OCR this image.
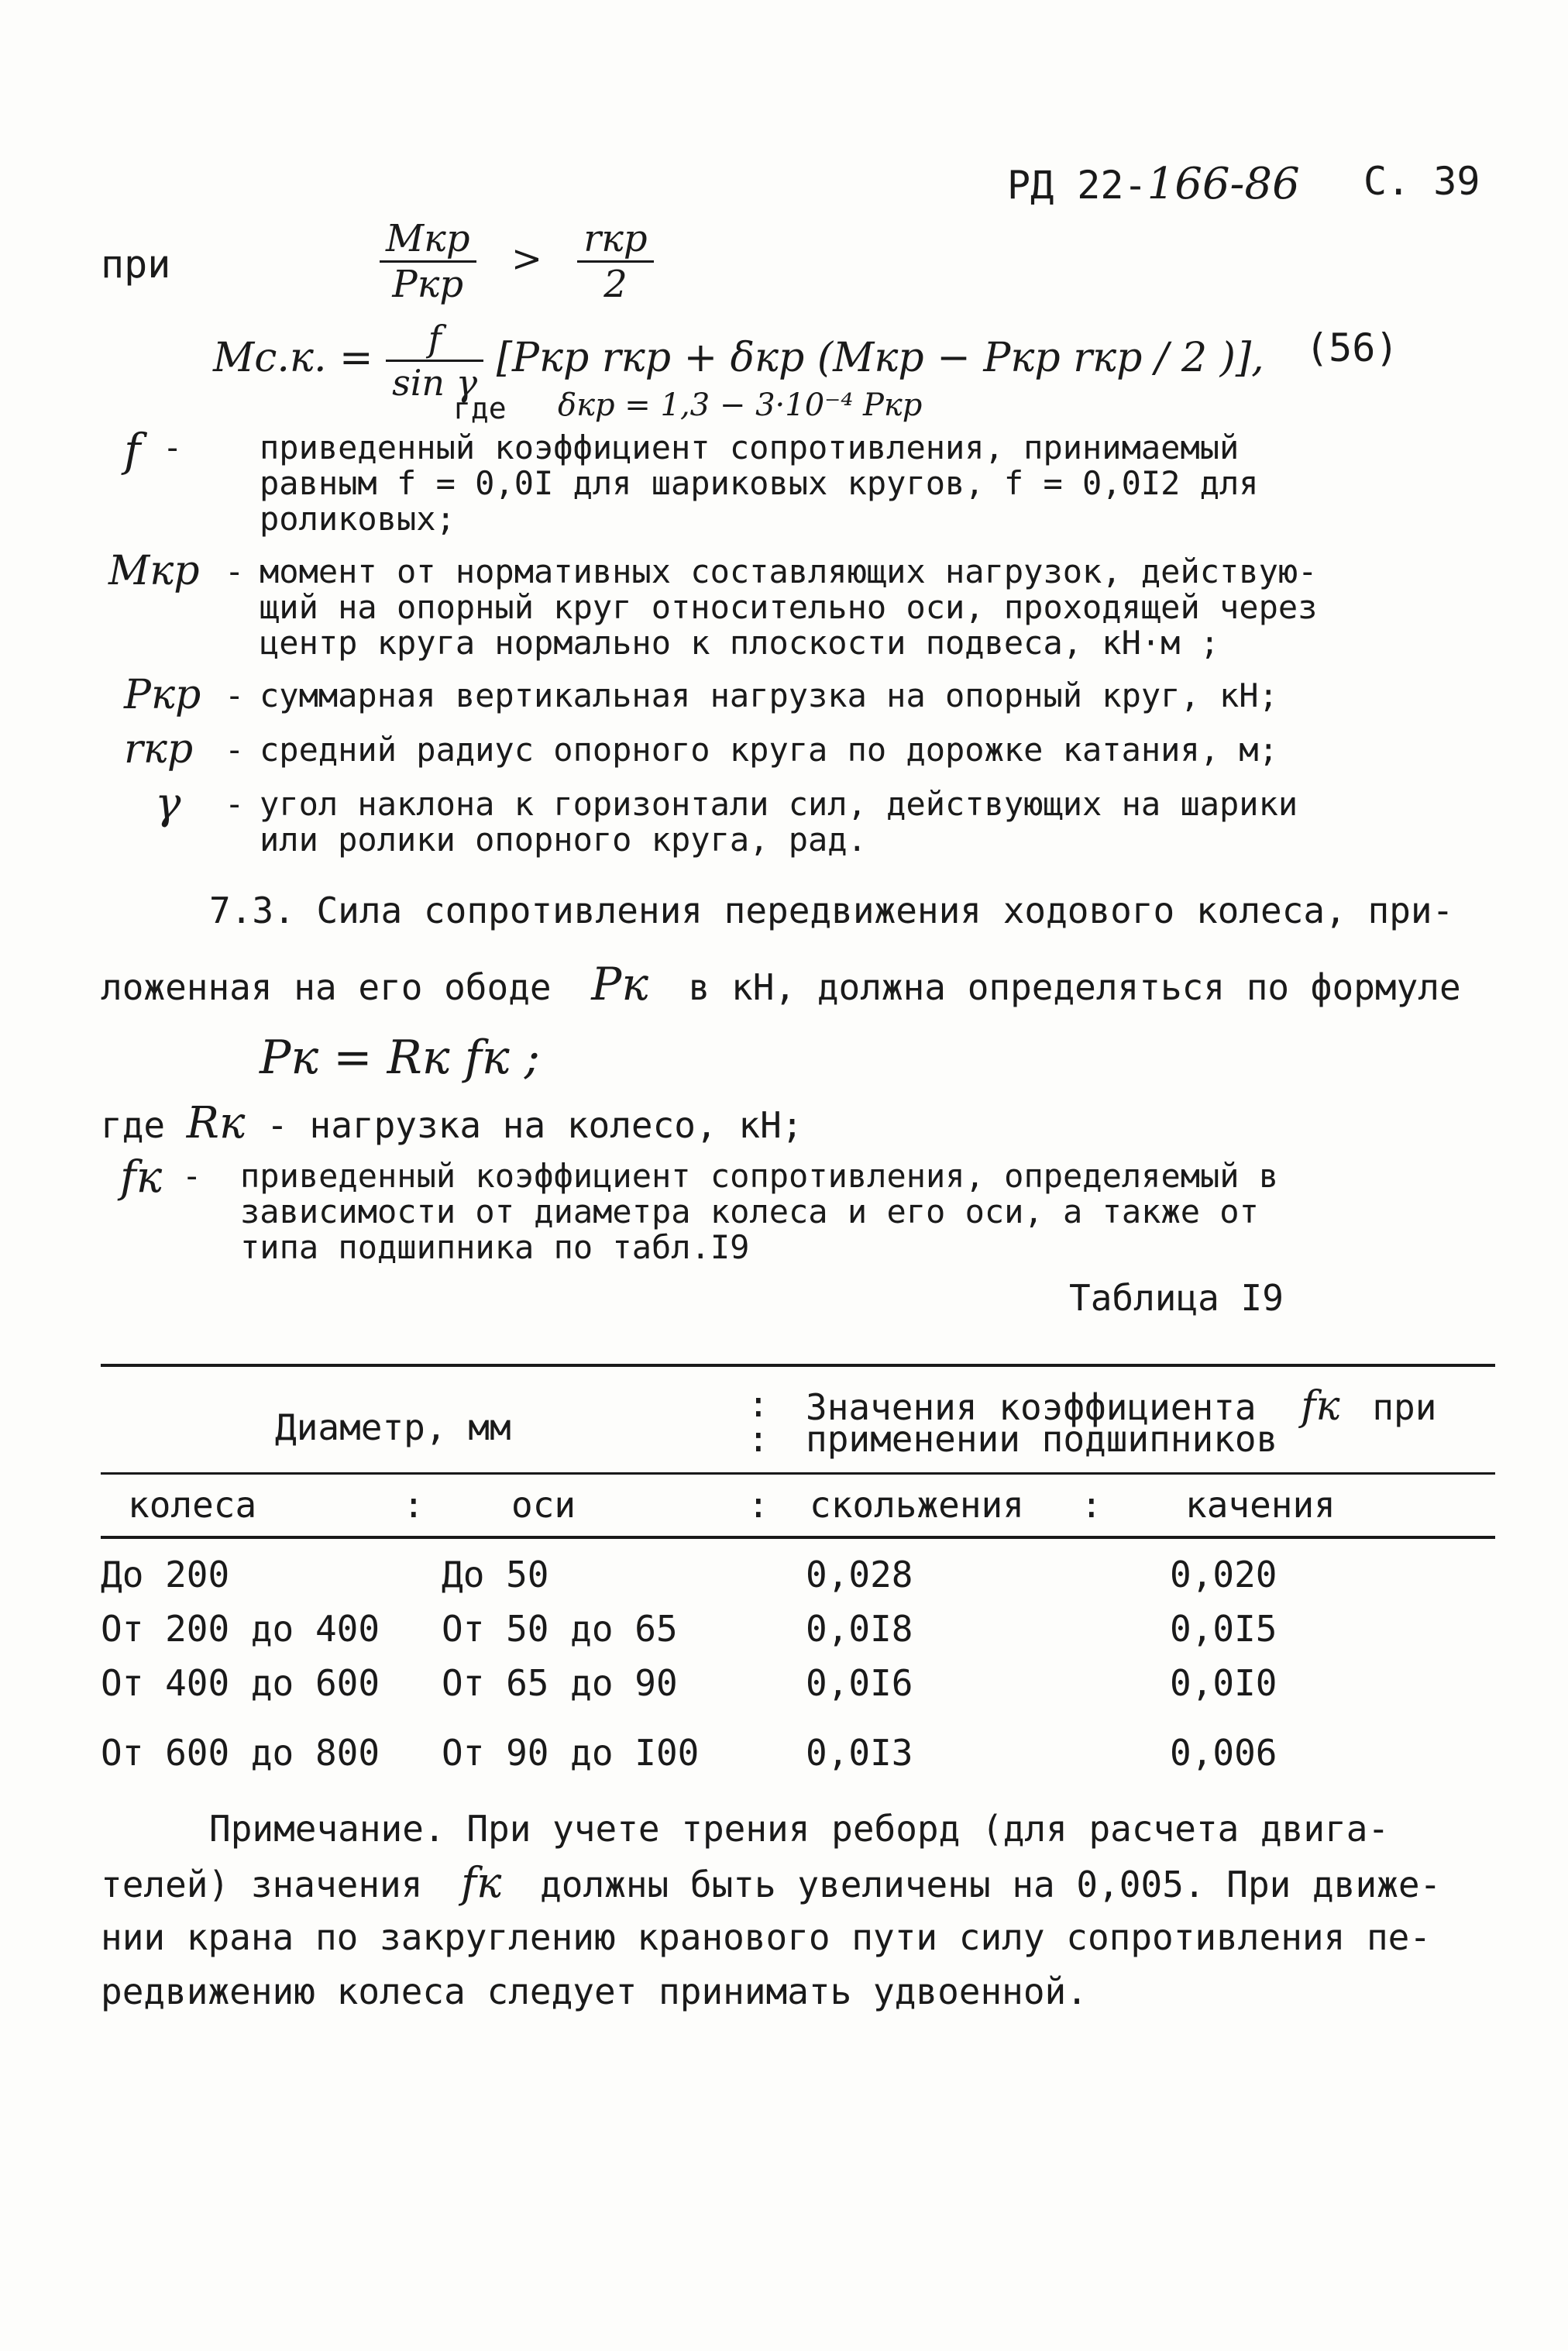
РД 22-166-86 С. 39
при	$\frac{\text{Mкр}}{\text{Pкр}} > \frac{\text{rкр}}{2}$
Mс.к. = $\frac{f}{\text{sin γ}} [Pкр$ rкр + δкр (Mкр − Pкр rкр / 2 )], (56)
где δкр = 1,3 − 3·10⁻⁴ Pкр
f - приведенный коэффициент сопротивления, принимаемый
равным f = 0,0I для шариковых кругов, f = 0,0I2 для
роликовых;
Mкр - момент от нормативных составляющих нагрузок, действую-
щий на опорный круг относительно оси, проходящей через
центр круга нормально к плоскости подвеса, кН·м ;
Pкр - суммарная вертикальная нагрузка на опорный круг, кН;
rкр - средний радиус опорного круга по дорожке катания, м;
γ - угол наклона к горизонтали сил, действующих на шарики
или ролики опорного круга, рад.
7.3. Сила сопротивления передвижения ходового колеса, при-
ложенная на его ободе Pк в кН, должна определяться по формуле
Pк = Rк fк ;
где Rк - нагрузка на колесо, кН;
fк - приведенный коэффициент сопротивления, определяемый в
зависимости от диаметра колеса и его оси, а также от
типа подшипника по табл.I9
Таблица I9
Диаметр, мм
:
:
Значения коэффициента fк при
применении подшипников
колеса	: оси	: скольжения : качения
До 200	До 50	0,028	0,020
От 200 до 400 От 50 до 65	0,0I8	0,0I5
От 400 до 600 От 65 до 90	0,0I6	0,0I0
От 600 до 800 От 90 до I00	0,0I3	0,006
Примечание. При учете трения реборд (для расчета двига-
телей) значения fк должны быть увеличены на 0,005. При движе-
нии крана по закруглению кранового пути силу сопротивления пе-
редвижению колеса следует принимать удвоенной.
